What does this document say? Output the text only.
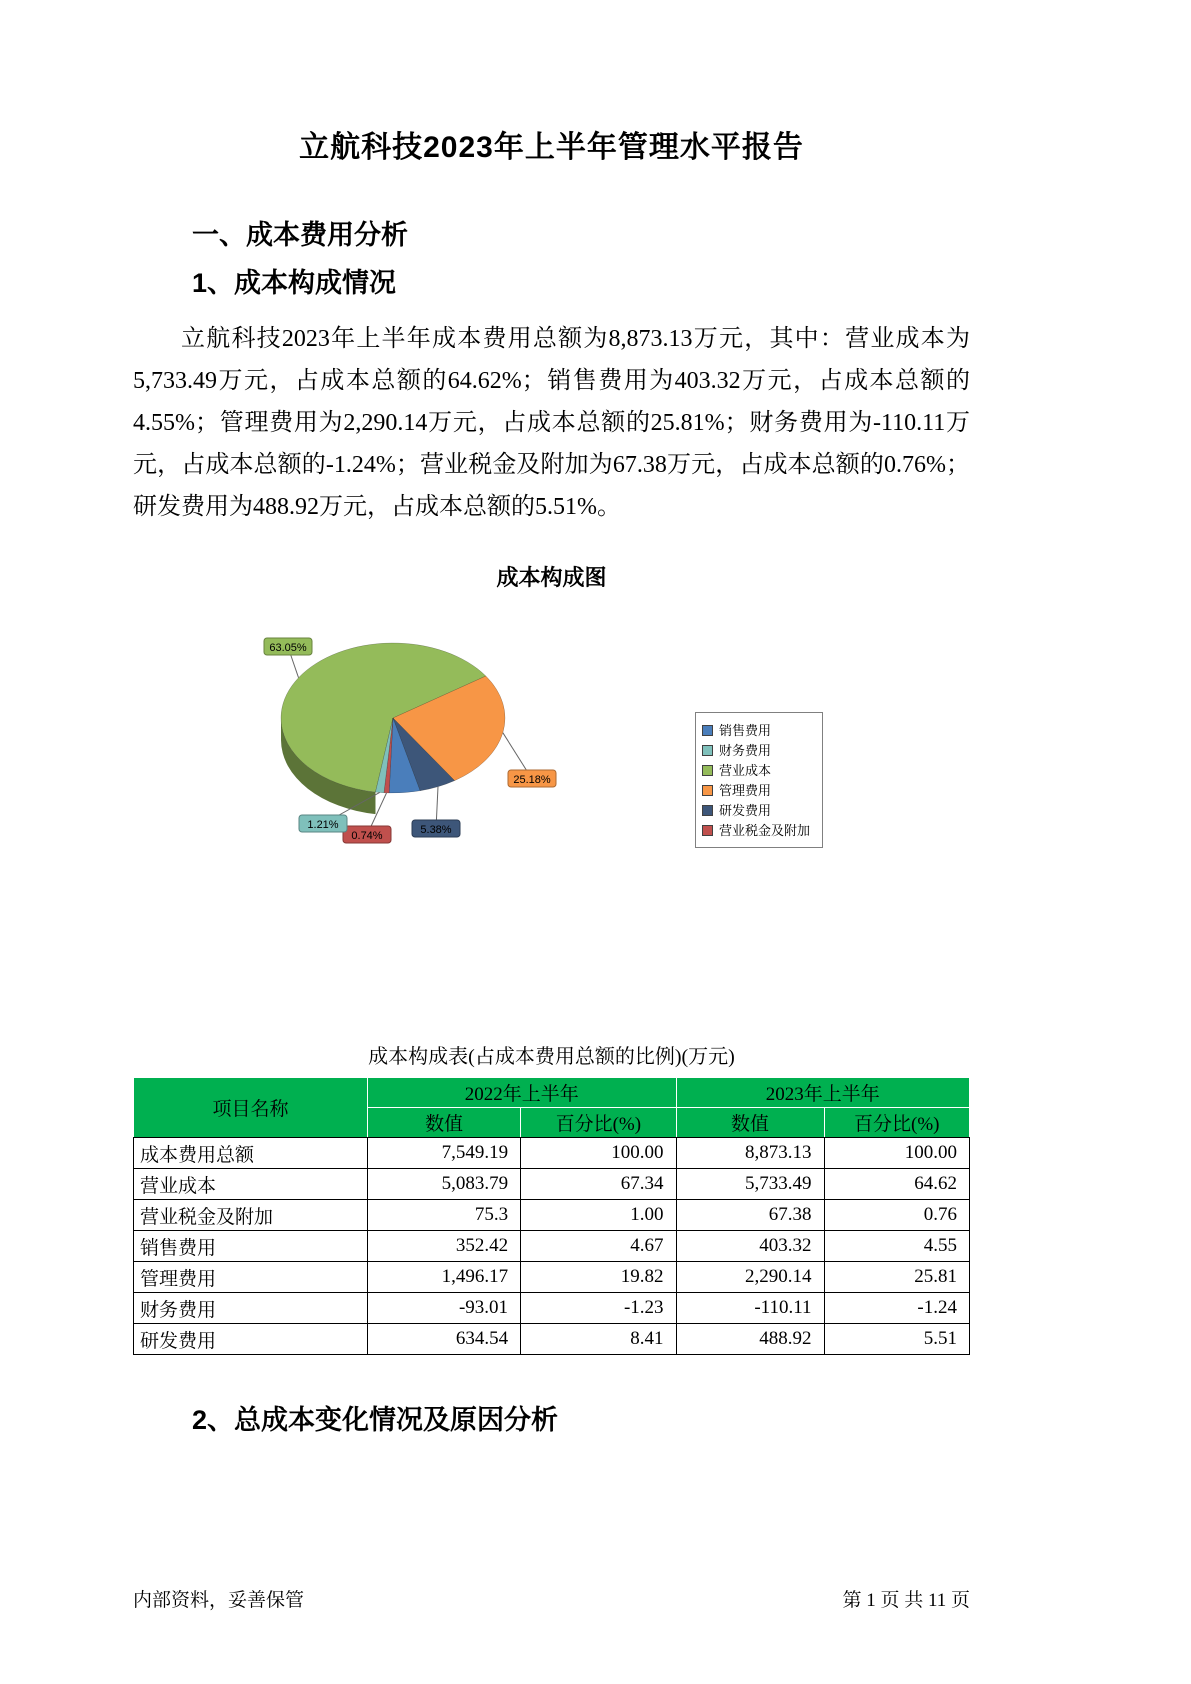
立航科技2023年上半年管理水平报告
一、成本费用分析
1、成本构成情况

立航科技2023年上半年成本费用总额为8,873.13万元，其中：营业成本为5,733.49万元，占成本总额的64.62%；销售费用为403.32万元，占成本总额的4.55%；管理费用为2,290.14万元，占成本总额的25.81%；财务费用为-110.11万元，占成本总额的-1.24%；营业税金及附加为67.38万元，占成本总额的0.76%；研发费用为488.92万元，占成本总额的5.51%。

成本构成图
63.05%
25.18%
5.38%
0.74%
1.21%
销售费用
财务费用
营业成本
管理费用
研发费用
营业税金及附加
成本构成表(占成本费用总额的比例)(万元)
项目名称	2022年上半年		2023年上半年	
	数值	百分比(%)	数值	百分比(%)
成本费用总额	7,549.19	100.00	8,873.13	100.00
营业成本	5,083.79	67.34	5,733.49	64.62
营业税金及附加	75.3	1.00	67.38	0.76
销售费用	352.42	4.67	403.32	4.55
管理费用	1,496.17	19.82	2,290.14	25.81
财务费用	-93.01	-1.23	-110.11	-1.24
研发费用	634.54	8.41	488.92	5.51
2、总成本变化情况及原因分析
内部资料，妥善保管	第 1 页 共 11 页
